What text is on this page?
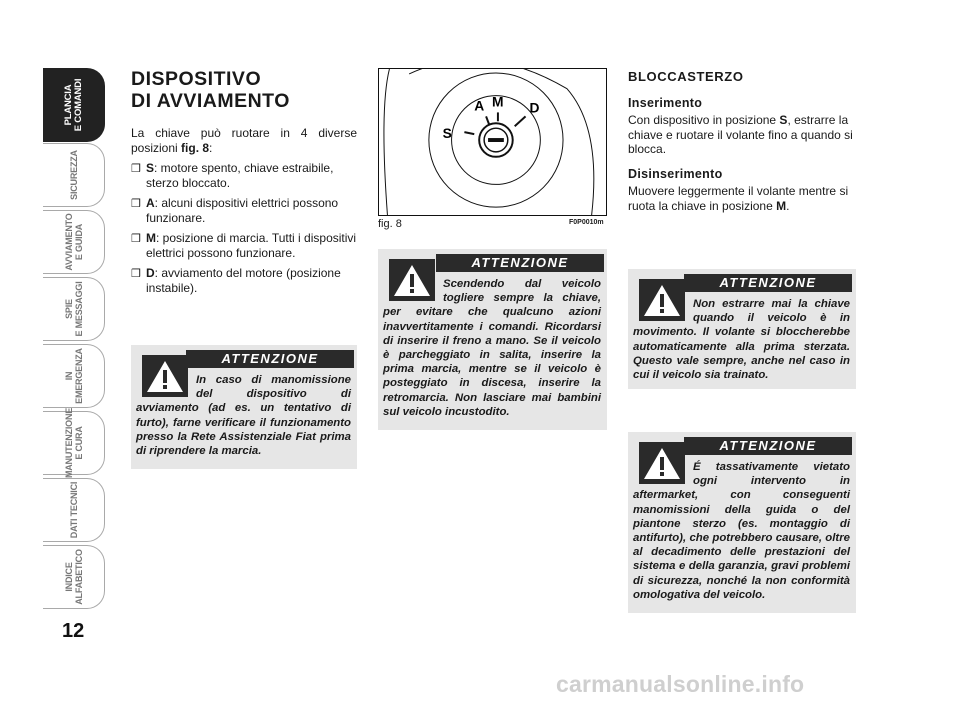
PLANCIA
E COMANDI
SICUREZZA
AVVIAMENTO
E GUIDA
SPIE
E MESSAGGI
IN
EMERGENZA
MANUTENZIONE
E CURA
DATI TECNICI
INDICE
ALFABETICO
12
DISPOSITIVO
DI AVVIAMENTO

La chiave può ruotare in 4 diverse posizioni fig. 8:

❒ S: motore spento, chiave estraibile, sterzo bloccato.
❒ A: alcuni dispositivi elettrici possono funzionare.
❒ M: posizione di marcia. Tutti i dispositivi elettrici possono funzionare.
❒ D: avviamento del motore (posizione instabile).
ATTENZIONE
In caso di manomissione del dispositivo di avviamento (ad es. un tentativo di furto), farne verificare il funzionamento presso la Rete Assistenziale Fiat prima di riprendere la marcia.
S
A M D
fig. 8	F0P0010m
ATTENZIONE
Scendendo dal veicolo togliere sempre la chiave, per evitare che qualcuno azioni inavvertitamente i comandi. Ricordarsi di inserire il freno a mano. Se il veicolo è parcheggiato in salita, inserire la prima marcia, mentre se il veicolo è posteggiato in discesa, inserire la retromarcia. Non lasciare mai bambini sul veicolo incustodito.
BLOCCASTERZO
Inserimento

Con dispositivo in posizione S, estrarre la chiave e ruotare il volante fino a quando si blocca.

Disinserimento

Muovere leggermente il volante mentre si ruota la chiave in posizione M.

ATTENZIONE
Non estrarre mai la chiave quando il veicolo è in movimento. Il volante si bloccherebbe automaticamente alla prima sterzata. Questo vale sempre, anche nel caso in cui il veicolo sia trainato.
ATTENZIONE
É tassativamente vietato ogni intervento in aftermarket, con conseguenti manomissioni della guida o del piantone sterzo (es. montaggio di antifurto), che potrebbero causare, oltre al decadimento delle prestazioni del sistema e della garanzia, gravi problemi di sicurezza, nonché la non conformità omologativa del veicolo.
carmanualsonline.info
